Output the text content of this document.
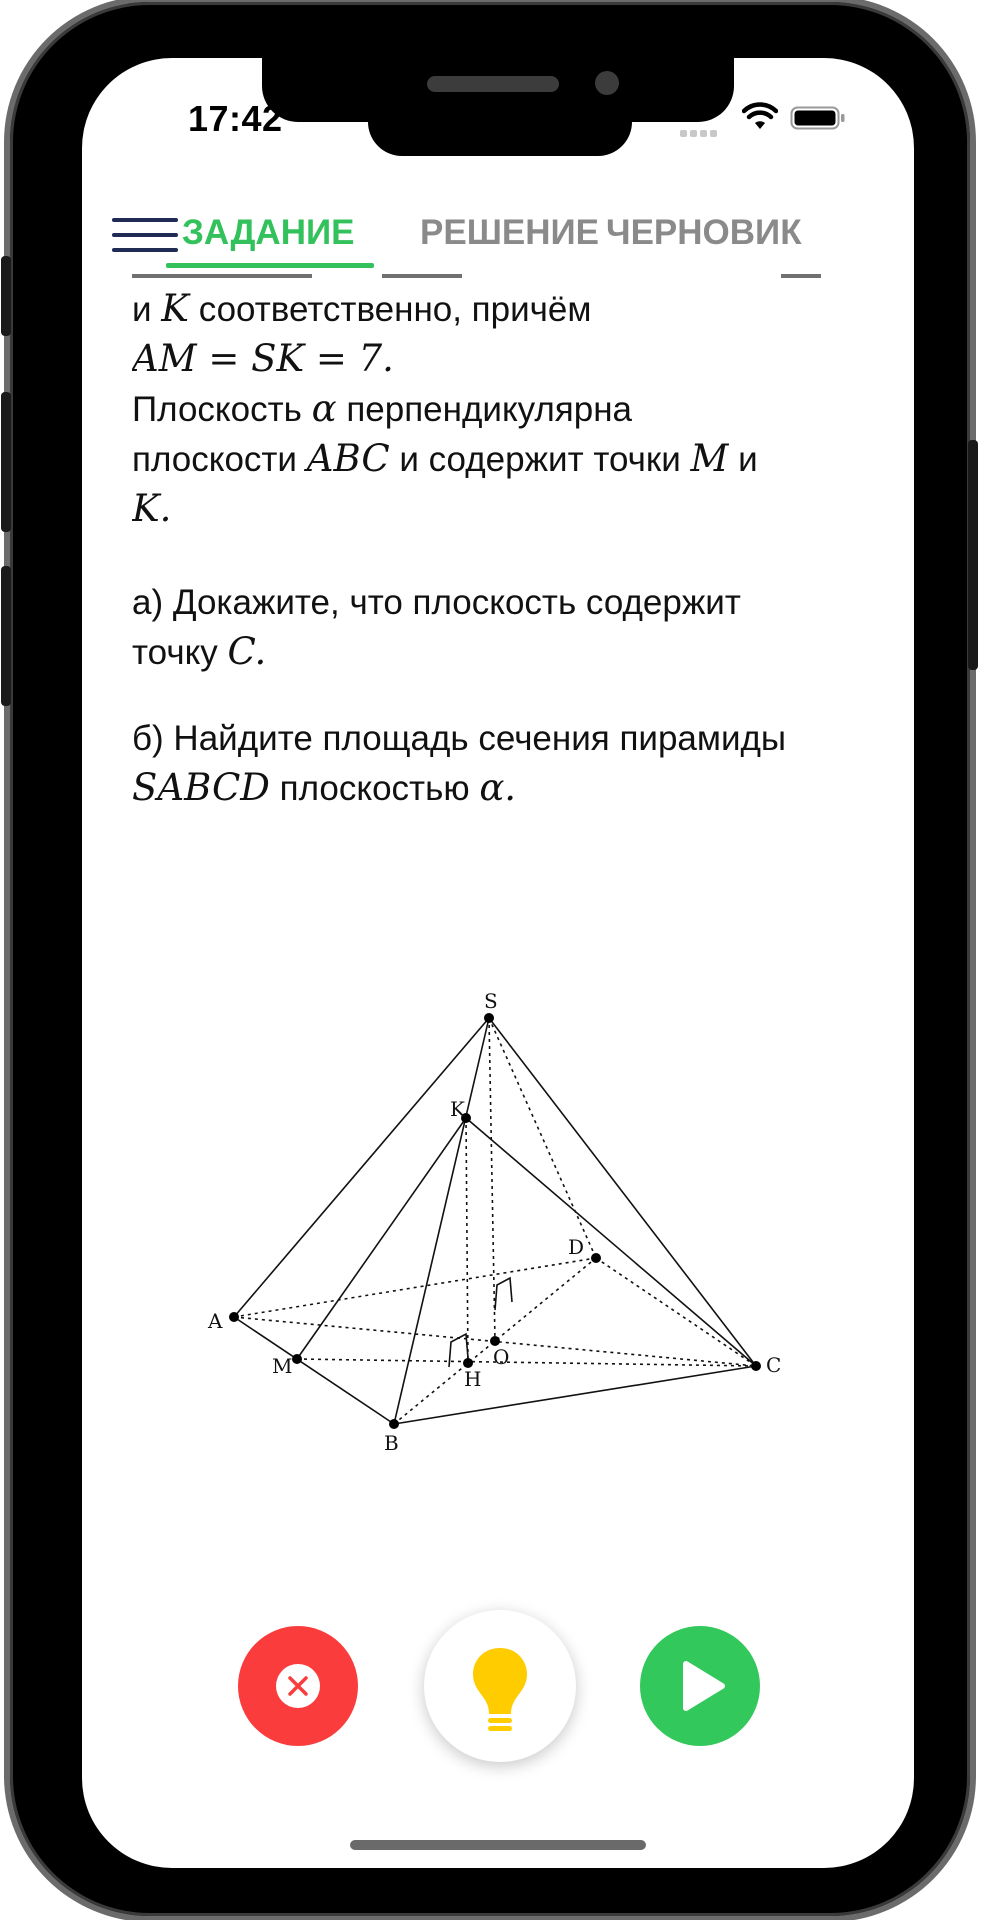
17:42
ЗАДАНИЕ РЕШЕНИЕ ЧЕРНОВИК

и K соответственно, причём
AM = SK = 7.
Плоскость α перпендикулярна
плоскости ABC и содержит точки M и
K.
а) Докажите, что плоскость содержит
точку C.
б) Найдите площадь сечения пирамиды
SABCD плоскостью α.
S
K
D
A
O
M
H
C
B
